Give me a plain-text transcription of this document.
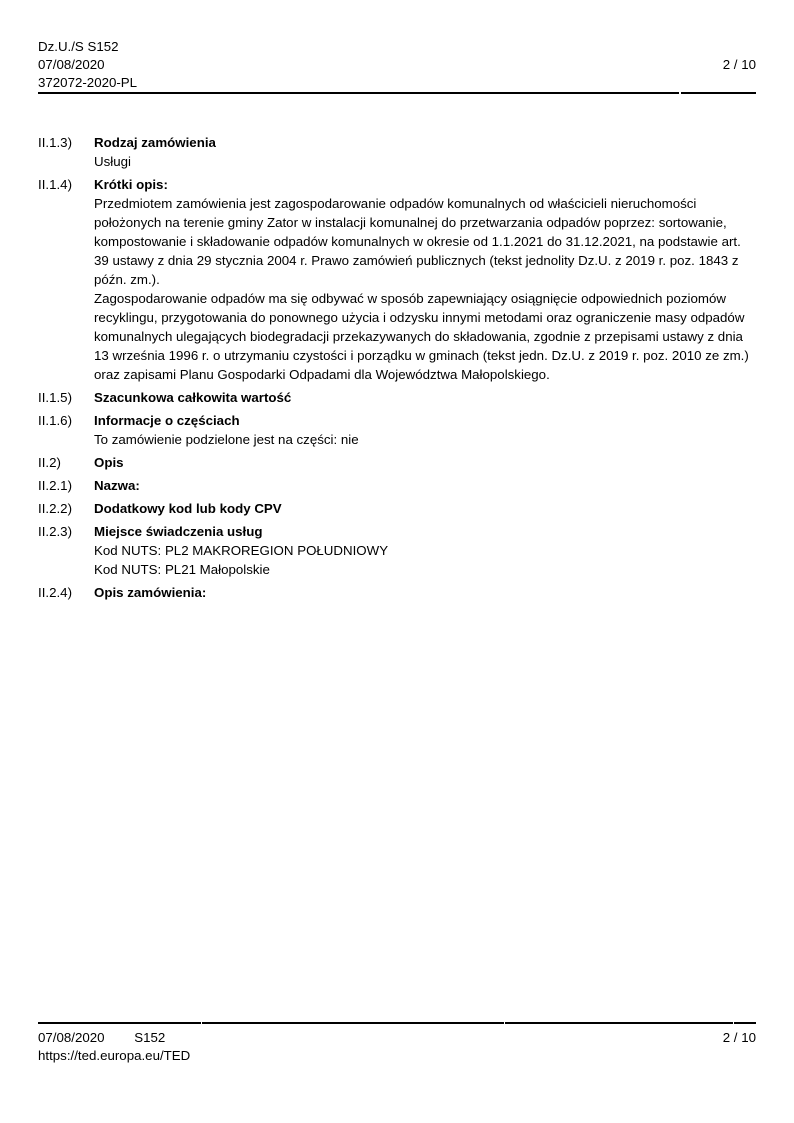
Dz.U./S S152
07/08/2020	2 / 10
372072-2020-PL
II.1.3) Rodzaj zamówienia
Usługi
II.1.4) Krótki opis:
Przedmiotem zamówienia jest zagospodarowanie odpadów komunalnych od właścicieli nieruchomości położonych na terenie gminy Zator w instalacji komunalnej do przetwarzania odpadów poprzez: sortowanie, kompostowanie i składowanie odpadów komunalnych w okresie od 1.1.2021 do 31.12.2021, na podstawie art. 39 ustawy z dnia 29 stycznia 2004 r. Prawo zamówień publicznych (tekst jednolity Dz.U. z 2019 r. poz. 1843 z późn. zm.).
Zagospodarowanie odpadów ma się odbywać w sposób zapewniający osiągnięcie odpowiednich poziomów recyklingu, przygotowania do ponownego użycia i odzysku innymi metodami oraz ograniczenie masy odpadów komunalnych ulegających biodegradacji przekazywanych do składowania, zgodnie z przepisami ustawy z dnia 13 września 1996 r. o utrzymaniu czystości i porządku w gminach (tekst jedn. Dz.U. z 2019 r. poz. 2010 ze zm.) oraz zapisami Planu Gospodarki Odpadami dla Województwa Małopolskiego.
II.1.5) Szacunkowa całkowita wartość
II.1.6) Informacje o częściach
To zamówienie podzielone jest na części: nie
II.2) Opis
II.2.1) Nazwa:
II.2.2) Dodatkowy kod lub kody CPV
II.2.3) Miejsce świadczenia usług
Kod NUTS: PL2 MAKROREGION POŁUDNIOWY
Kod NUTS: PL21 Małopolskie
II.2.4) Opis zamówienia:
07/08/2020 S152	2 / 10
https://ted.europa.eu/TED
